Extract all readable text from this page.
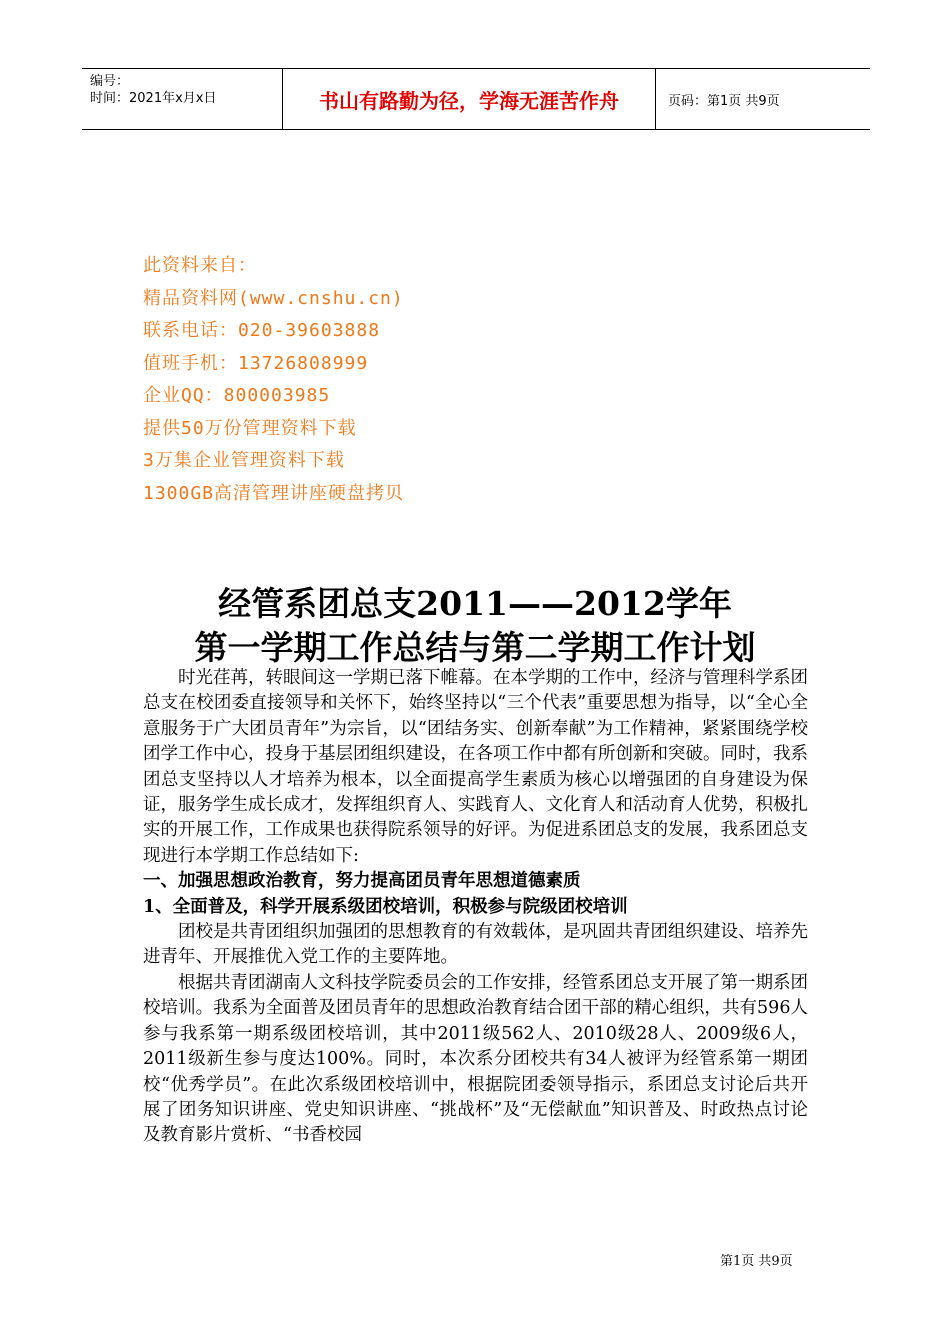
编号：
时间：2021年x月x日	书山有路勤为径，学海无涯苦作舟	页码：第1页 共9页
此资料来自：
精品资料网(www.cnshu.cn)
联系电话：020-39603888
值班手机：13726808999
企业QQ：800003985
提供50万份管理资料下载
3万集企业管理资料下载
1300GB高清管理讲座硬盘拷贝
经管系团总支2011——2012学年
第一学期工作总结与第二学期工作计划

时光荏苒，转眼间这一学期已落下帷幕。在本学期的工作中，经济与管理科学系团总支在校团委直接领导和关怀下，始终坚持以“三个代表”重要思想为指导，以“全心全意服务于广大团员青年”为宗旨，以“团结务实、创新奉献”为工作精神，紧紧围绕学校团学工作中心，投身于基层团组织建设，在各项工作中都有所创新和突破。同时，我系团总支坚持以人才培养为根本，以全面提高学生素质为核心以增强团的自身建设为保证，服务学生成长成才，发挥组织育人、实践育人、文化育人和活动育人优势，积极扎实的开展工作，工作成果也获得院系领导的好评。为促进系团总支的发展，我系团总支现进行本学期工作总结如下:

一、加强思想政治教育，努力提高团员青年思想道德素质

1、全面普及，科学开展系级团校培训，积极参与院级团校培训

团校是共青团组织加强团的思想教育的有效载体，是巩固共青团组织建设、培养先进青年、开展推优入党工作的主要阵地。

根据共青团湖南人文科技学院委员会的工作安排，经管系团总支开展了第一期系团校培训。我系为全面普及团员青年的思想政治教育结合团干部的精心组织，共有596人参与我系第一期系级团校培训，其中2011级562人、2010级28人、2009级6人，2011级新生参与度达100%。同时，本次系分团校共有34人被评为经管系第一期团校“优秀学员”。在此次系级团校培训中，根据院团委领导指示，系团总支讨论后共开展了团务知识讲座、党史知识讲座、“挑战杯”及“无偿献血”知识普及、时政热点讨论及教育影片赏析、“书香校园

第1页 共9页
